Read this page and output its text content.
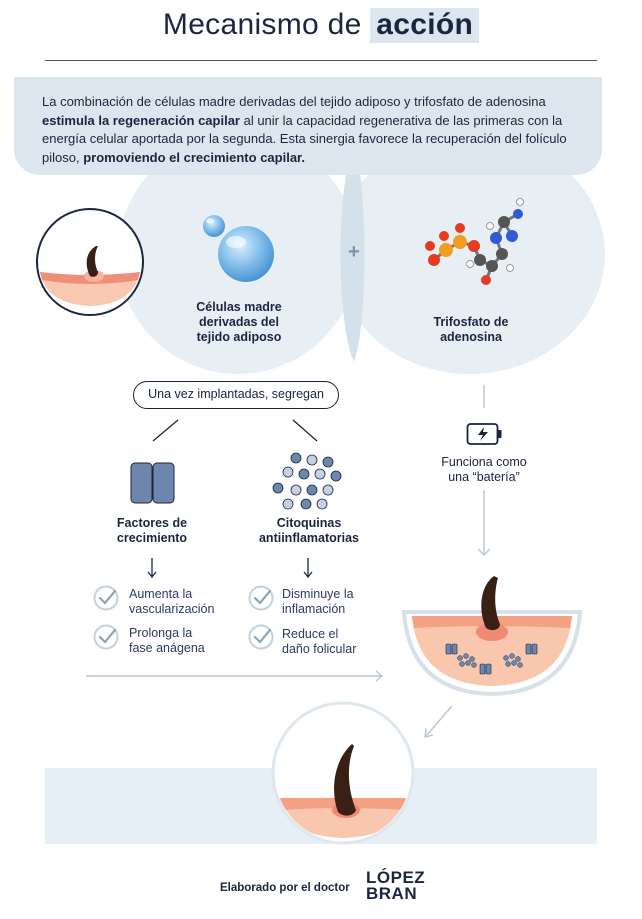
Mecanismo de acción
La combinación de células madre derivadas del tejido adiposo y trifosfato de adenosina estimula la regeneración capilar al unir la capacidad regenerativa de las primeras con la energía celular aportada por la segunda. Esta sinergia favorece la recuperación del folículo piloso, promoviendo el crecimiento capilar.
Células madre
derivadas del
tejido adiposo
+
Trifosfato de
adenosina
Una vez implantadas, segregan
Factores de
crecimiento
Citoquinas
antiinflamatorias
Funciona como
una “batería”
Aumenta la
vascularización
Prolonga la
fase anágena
Disminuye la
inflamación
Reduce el
daño folicular
Elaborado por el doctor
LÓPEZ
BRAN
